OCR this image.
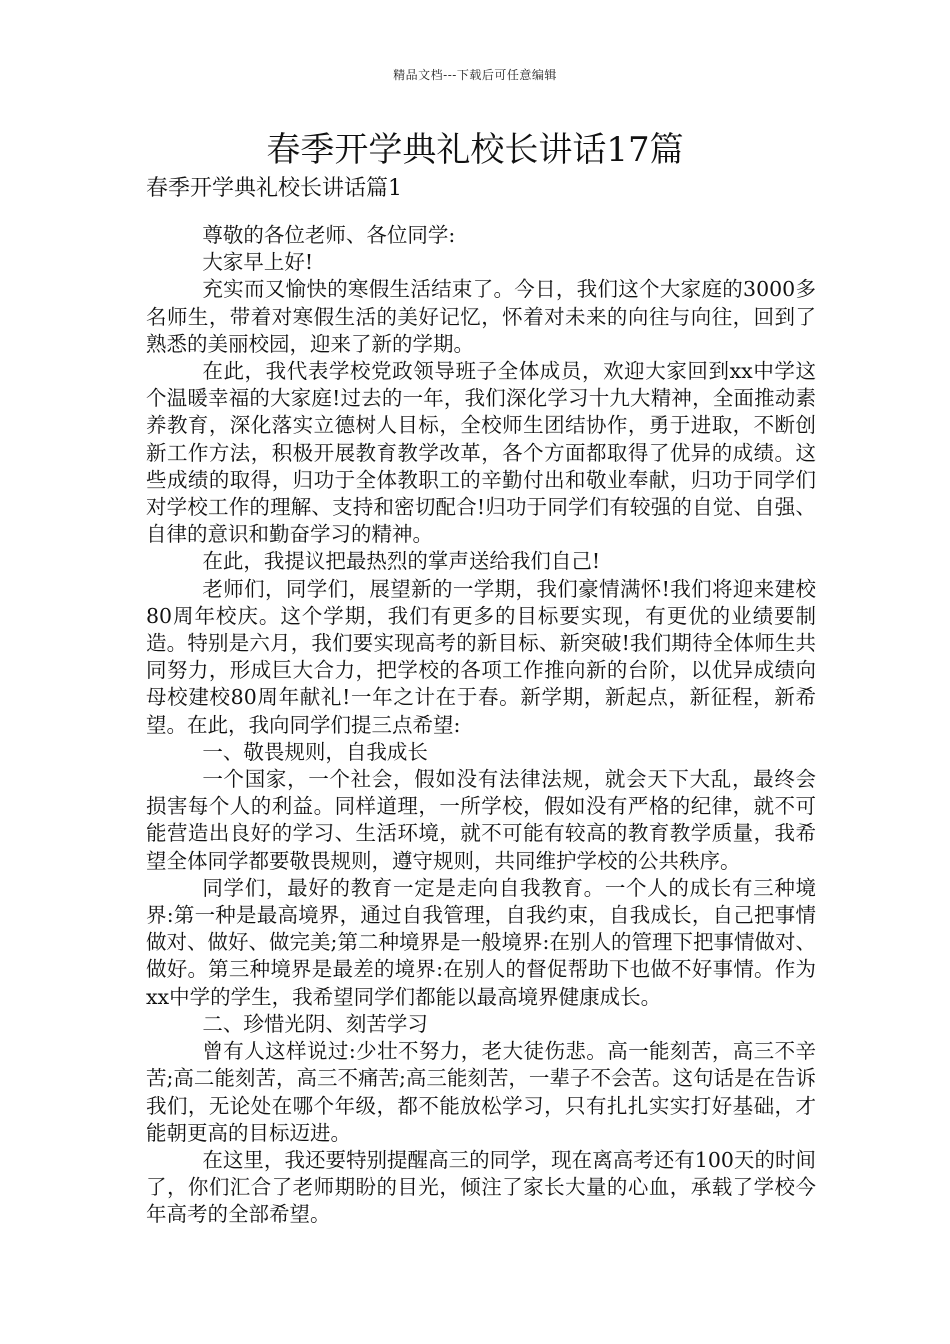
精品文档---下载后可任意编辑
春季开学典礼校长讲话17篇
春季开学典礼校长讲话篇1

尊敬的各位老师、各位同学:

大家早上好!

充实而又愉快的寒假生活结束了。今日，我们这个大家庭的3000多名师生，带着对寒假生活的美好记忆，怀着对未来的向往与向往，回到了熟悉的美丽校园，迎来了新的学期。

在此，我代表学校党政领导班子全体成员，欢迎大家回到xx中学这个温暖幸福的大家庭!过去的一年，我们深化学习十九大精神，全面推动素养教育，深化落实立德树人目标，全校师生团结协作，勇于进取，不断创新工作方法，积极开展教育教学改革，各个方面都取得了优异的成绩。这些成绩的取得，归功于全体教职工的辛勤付出和敬业奉献，归功于同学们对学校工作的理解、支持和密切配合!归功于同学们有较强的自觉、自强、自律的意识和勤奋学习的精神。

在此，我提议把最热烈的掌声送给我们自己!

老师们，同学们，展望新的一学期，我们豪情满怀!我们将迎来建校80周年校庆。这个学期，我们有更多的目标要实现，有更优的业绩要制造。特别是六月，我们要实现高考的新目标、新突破!我们期待全体师生共同努力，形成巨大合力，把学校的各项工作推向新的台阶，以优异成绩向母校建校80周年献礼!一年之计在于春。新学期，新起点，新征程，新希望。在此，我向同学们提三点希望:

一、敬畏规则，自我成长

一个国家，一个社会，假如没有法律法规，就会天下大乱，最终会损害每个人的利益。同样道理，一所学校，假如没有严格的纪律，就不可能营造出良好的学习、生活环境，就不可能有较高的教育教学质量，我希望全体同学都要敬畏规则，遵守规则，共同维护学校的公共秩序。

同学们，最好的教育一定是走向自我教育。一个人的成长有三种境界:第一种是最高境界，通过自我管理，自我约束，自我成长，自己把事情做对、做好、做完美;第二种境界是一般境界:在别人的管理下把事情做对、做好。第三种境界是最差的境界:在别人的督促帮助下也做不好事情。作为xx中学的学生，我希望同学们都能以最高境界健康成长。

二、珍惜光阴、刻苦学习

曾有人这样说过:少壮不努力，老大徒伤悲。高一能刻苦，高三不辛苦;高二能刻苦，高三不痛苦;高三能刻苦，一辈子不会苦。这句话是在告诉我们，无论处在哪个年级，都不能放松学习，只有扎扎实实打好基础，才能朝更高的目标迈进。

在这里，我还要特别提醒高三的同学，现在离高考还有100天的时间了，你们汇合了老师期盼的目光，倾注了家长大量的心血，承载了学校今年高考的全部希望。
